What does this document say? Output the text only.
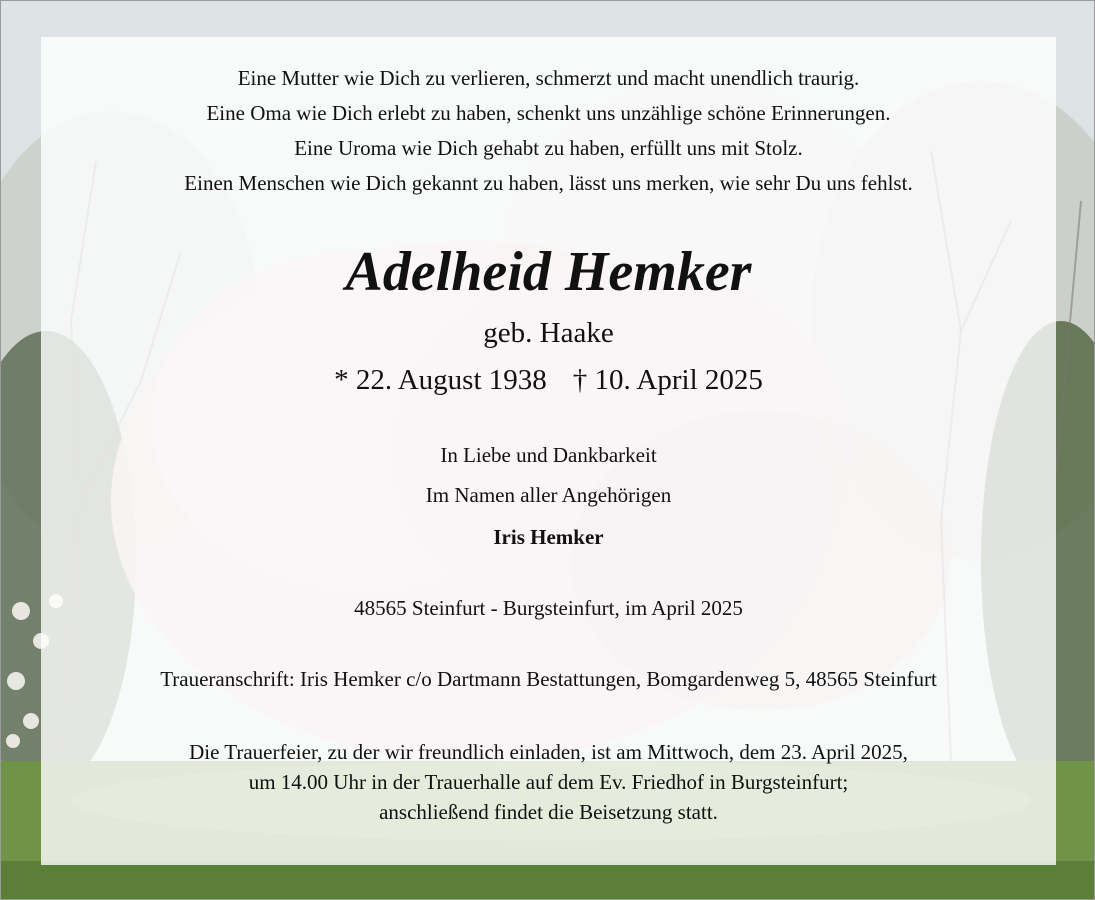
Eine Mutter wie Dich zu verlieren, schmerzt und macht unendlich traurig.
Eine Oma wie Dich erlebt zu haben, schenkt uns unzählige schöne Erinnerungen.
Eine Uroma wie Dich gehabt zu haben, erfüllt uns mit Stolz.
Einen Menschen wie Dich gekannt zu haben, lässt uns merken, wie sehr Du uns fehlst.
Adelheid Hemker
geb. Haake
* 22. August 1938 † 10. April 2025
In Liebe und Dankbarkeit
Im Namen aller Angehörigen
Iris Hemker
48565 Steinfurt - Burgsteinfurt, im April 2025
Traueranschrift: Iris Hemker c/o Dartmann Bestattungen, Bomgardenweg 5, 48565 Steinfurt
Die Trauerfeier, zu der wir freundlich einladen, ist am Mittwoch, dem 23. April 2025,
um 14.00 Uhr in der Trauerhalle auf dem Ev. Friedhof in Burgsteinfurt;
anschließend findet die Beisetzung statt.
